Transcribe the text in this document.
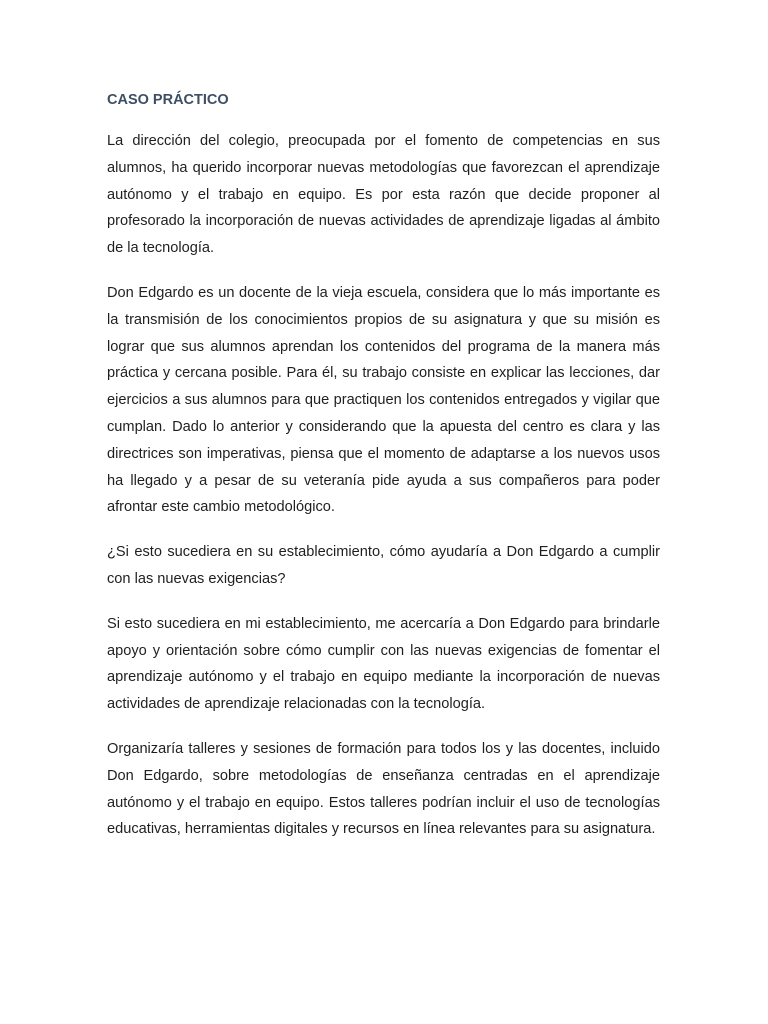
CASO PRÁCTICO

La dirección del colegio, preocupada por el fomento de competencias en sus alumnos, ha querido incorporar nuevas metodologías que favorezcan el aprendizaje autónomo y el trabajo en equipo. Es por esta razón que decide proponer al profesorado la incorporación de nuevas actividades de aprendizaje ligadas al ámbito de la tecnología.

Don Edgardo es un docente de la vieja escuela, considera que lo más importante es la transmisión de los conocimientos propios de su asignatura y que su misión es lograr que sus alumnos aprendan los contenidos del programa de la manera más práctica y cercana posible. Para él, su trabajo consiste en explicar las lecciones, dar ejercicios a sus alumnos para que practiquen los contenidos entregados y vigilar que cumplan. Dado lo anterior y considerando que la apuesta del centro es clara y las directrices son imperativas, piensa que el momento de adaptarse a los nuevos usos ha llegado y a pesar de su veteranía pide ayuda a sus compañeros para poder afrontar este cambio metodológico.

¿Si esto sucediera en su establecimiento, cómo ayudaría a Don Edgardo a cumplir con las nuevas exigencias?

Si esto sucediera en mi establecimiento, me acercaría a Don Edgardo para brindarle apoyo y orientación sobre cómo cumplir con las nuevas exigencias de fomentar el aprendizaje autónomo y el trabajo en equipo mediante la incorporación de nuevas actividades de aprendizaje relacionadas con la tecnología.

Organizaría talleres y sesiones de formación para todos los y las docentes, incluido Don Edgardo, sobre metodologías de enseñanza centradas en el aprendizaje autónomo y el trabajo en equipo. Estos talleres podrían incluir el uso de tecnologías educativas, herramientas digitales y recursos en línea relevantes para su asignatura.
